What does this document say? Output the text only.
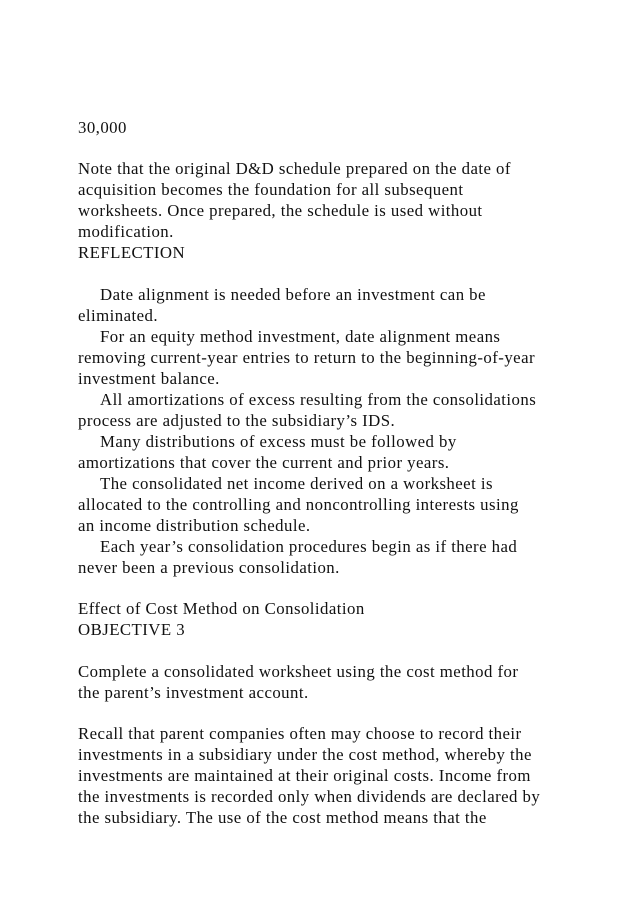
30,000
Note that the original D&D schedule prepared on the date of
acquisition becomes the foundation for all subsequent
worksheets. Once prepared, the schedule is used without
modification.
REFLECTION
Date alignment is needed before an investment can be
eliminated.
For an equity method investment, date alignment means
removing current-year entries to return to the beginning-of-year
investment balance.
All amortizations of excess resulting from the consolidations
process are adjusted to the subsidiary’s IDS.
Many distributions of excess must be followed by
amortizations that cover the current and prior years.
The consolidated net income derived on a worksheet is
allocated to the controlling and noncontrolling interests using
an income distribution schedule.
Each year’s consolidation procedures begin as if there had
never been a previous consolidation.
Effect of Cost Method on Consolidation
OBJECTIVE 3
Complete a consolidated worksheet using the cost method for
the parent’s investment account.
Recall that parent companies often may choose to record their
investments in a subsidiary under the cost method, whereby the
investments are maintained at their original costs. Income from
the investments is recorded only when dividends are declared by
the subsidiary. The use of the cost method means that the
